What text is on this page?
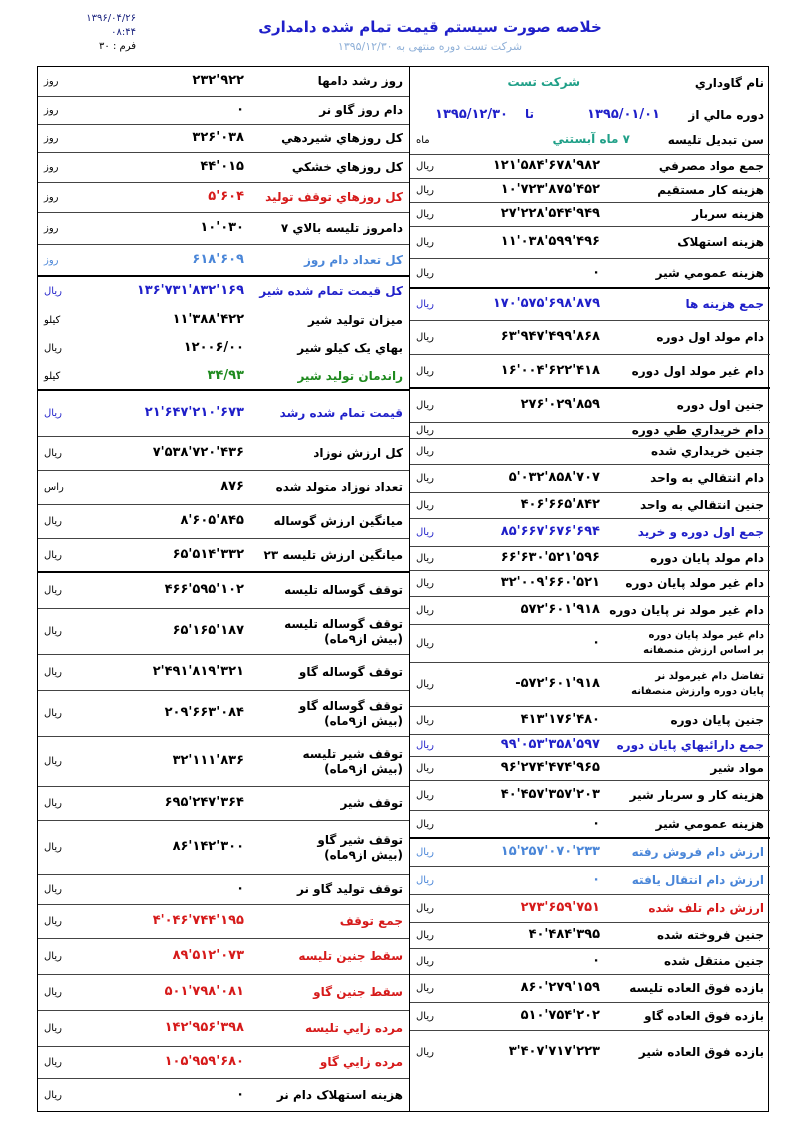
۱۳۹۶/۰۴/۲۶
۰۸:۴۴
فرم : ۳۰
خلاصه صورت سیستم قیمت تمام شده دامداری
شرکت تست دوره منتهی به ۱۳۹۵/۱۲/۳۰
نام گاوداري
شرکت تست
دوره مالي از
۱۳۹۵/۰۱/۰۱
تا
۱۳۹۵/۱۲/۳۰
سن تبديل تليسه
۷ ماه آبستني
ماه
جمع مواد مصرفي
۱۲۱'۵۸۴'۶۷۸'۹۸۲
ريال
هزينه کار مستقيم
۱۰'۷۲۳'۸۷۵'۴۵۲
ريال
هزينه سربار
۲۷'۲۲۸'۵۴۴'۹۴۹
ريال
هزينه استهلاک
۱۱'۰۳۸'۵۹۹'۴۹۶
ريال
هزينه عمومي شير
۰
ريال
جمع هزينه ها
۱۷۰'۵۷۵'۶۹۸'۸۷۹
ريال
دام مولد اول دوره
۶۳'۹۴۷'۴۹۹'۸۶۸
ريال
دام غير مولد اول دوره
۱۶'۰۰۴'۶۲۲'۴۱۸
ريال
جنين اول دوره
۲۷۶'۰۲۹'۸۵۹
ريال
دام خريداري طي دوره
ريال
جنين خريداري شده
ريال
دام انتقالي به واحد
۵'۰۳۲'۸۵۸'۷۰۷
ريال
جنين انتقالي به واحد
۴۰۶'۶۶۵'۸۴۲
ريال
جمع اول دوره و خريد
۸۵'۶۶۷'۶۷۶'۶۹۴
ريال
دام مولد پايان دوره
۶۶'۶۳۰'۵۲۱'۵۹۶
ريال
دام غير مولد پايان دوره
۳۲'۰۰۹'۶۶۰'۵۲۱
ريال
دام غير مولد نر پايان دوره
۵۷۲'۶۰۱'۹۱۸
ريال
دام غير مولد پايان دوره
بر اساس ارزش منصفانه
۰
ريال
تفاضل دام غيرمولد نر
پايان دوره وارزش منصفانه
-۵۷۲'۶۰۱'۹۱۸
ريال
جنين پايان دوره
۴۱۳'۱۷۶'۴۸۰
ريال
جمع دارائيهاي پايان دوره
۹۹'۰۵۳'۳۵۸'۵۹۷
ريال
مواد شير
۹۶'۲۷۴'۴۷۴'۹۶۵
ريال
هزينه کار و سربار شير
۴۰'۴۵۷'۳۵۷'۲۰۳
ريال
هزينه عمومي شير
۰
ريال
ارزش دام فروش رفته
۱۵'۲۵۷'۰۷۰'۲۳۳
ريال
ارزش دام انتقال يافته
۰
ريال
ارزش دام تلف شده
۲۷۳'۶۵۹'۷۵۱
ريال
جنين فروخته شده
۴۰'۴۸۴'۳۹۵
ريال
جنين منتقل شده
۰
ريال
بازده فوق العاده تليسه
۸۶۰'۲۷۹'۱۵۹
ريال
بازده فوق العاده گاو
۵۱۰'۷۵۴'۲۰۲
ريال
بازده فوق العاده شير
۳'۴۰۷'۷۱۷'۲۲۳
ريال
روز رشد دامها
۲۳۲'۹۲۲
روز
دام روز گاو نر
۰
روز
کل روزهاي شيردهي
۳۲۶'۰۳۸
روز
کل روزهاي خشکي
۴۴'۰۱۵
روز
کل روزهاي توقف توليد
۵'۶۰۴
روز
دامروز تليسه بالاي ۷
۱۰'۰۳۰
روز
کل تعداد دام روز
۶۱۸'۶۰۹
روز
کل قيمت تمام شده شير
۱۳۶'۷۳۱'۸۳۲'۱۶۹
ريال
ميزان توليد شير
۱۱'۳۸۸'۴۲۲
کيلو
بهاي يک کيلو شير
۱۲۰۰۶/۰۰
ريال
راندمان توليد شير
۳۴/۹۳
کيلو
قيمت تمام شده رشد
۲۱'۶۴۷'۲۱۰'۶۷۳
ريال
کل ارزش نوزاد
۷'۵۳۸'۷۲۰'۴۳۶
ريال
تعداد نوزاد متولد شده
۸۷۶
راس
ميانگين ارزش گوساله
۸'۶۰۵'۸۴۵
ريال
ميانگين ارزش تليسه ۲۳
۶۵'۵۱۴'۳۳۲
ريال
توقف گوساله تليسه
۴۶۶'۵۹۵'۱۰۲
ريال
توقف گوساله تليسه
(بيش از۹ماه)
۶۵'۱۶۵'۱۸۷
ريال
توقف گوساله گاو
۲'۴۹۱'۸۱۹'۳۲۱
ريال
توقف گوساله گاو
(بيش از۹ماه)
۲۰۹'۶۶۳'۰۸۴
ريال
توقف شير تليسه
(بيش از۹ماه)
۳۲'۱۱۱'۸۳۶
ريال
توقف شير
۶۹۵'۲۴۷'۳۶۴
ريال
توقف شير گاو
(بيش از۹ماه)
۸۶'۱۴۲'۳۰۰
ريال
توقف توليد گاو نر
۰
ريال
جمع توقف
۴'۰۴۶'۷۴۴'۱۹۵
ريال
سقط جنين تليسه
۸۹'۵۱۲'۰۷۳
ريال
سقط جنين گاو
۵۰۱'۷۹۸'۰۸۱
ريال
مرده زايي تليسه
۱۴۲'۹۵۶'۳۹۸
ريال
مرده زايي گاو
۱۰۵'۹۵۹'۶۸۰
ريال
هزينه استهلاک دام نر
۰
ريال
